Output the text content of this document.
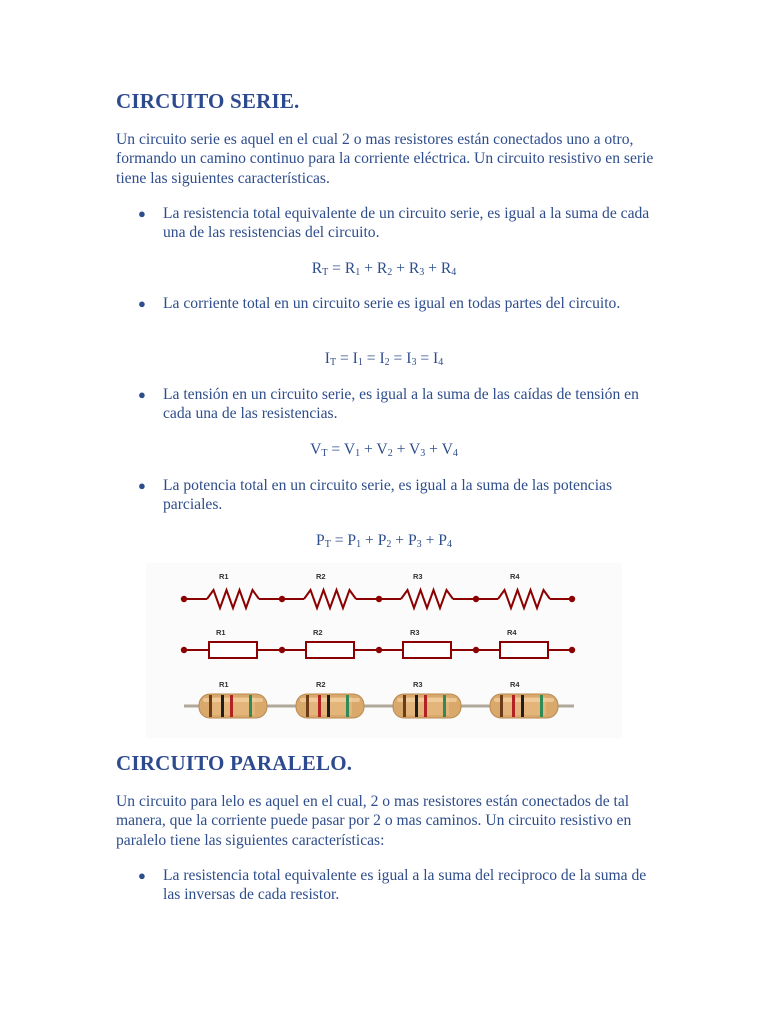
CIRCUITO SERIE.

Un circuito serie es aquel en el cual 2 o mas resistores están conectados uno a otro, formando un camino continuo para la corriente eléctrica. Un circuito resistivo en serie tiene las siguientes características.

● La resistencia total equivalente de un circuito serie, es igual a la suma de cada una de las resistencias del circuito.
$R_T = R_1 + R_2 + R_3 + R_4$
● La corriente total en un circuito serie es igual en todas partes del circuito.
$I_T = I_1 = I_2 = I_3 = I_4$
● La tensión en un circuito serie, es igual a la suma de las caídas de tensión en cada una de las resistencias.
$V_T = V_1 + V_2 + V_3 + V_4$
● La potencia total en un circuito serie, es igual a la suma de las potencias parciales.
$P_T = P_1 + P_2 + P_3 + P_4$
CIRCUITO PARALELO.

Un circuito para lelo es aquel en el cual, 2 o mas resistores están conectados de tal manera, que la corriente puede pasar por 2 o mas caminos. Un circuito resistivo en paralelo tiene las siguientes características:

● La resistencia total equivalente es igual a la suma del reciproco de la suma de las inversas de cada resistor.
R1	R2	R3	R4
R1	R2	R3	R4
R1	R2	R3	R4
